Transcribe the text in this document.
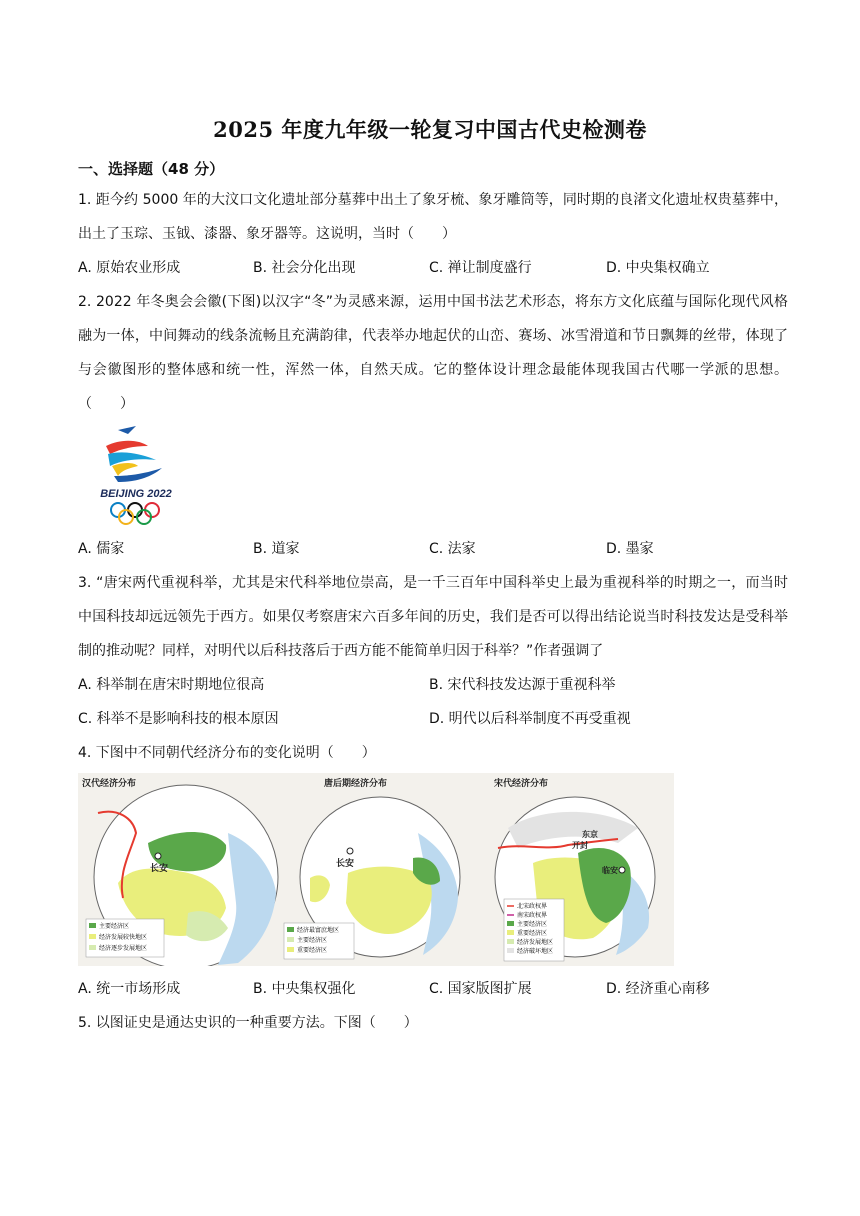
2025 年度九年级一轮复习中国古代史检测卷
一、选择题（48 分）
1. 距今约 5000 年的大汶口文化遗址部分墓葬中出土了象牙梳、象牙雕筒等，同时期的良渚文化遗址权贵墓葬中，出土了玉琮、玉钺、漆器、象牙器等。这说明，当时（　　）
A. 原始农业形成	B. 社会分化出现	C. 禅让制度盛行	D. 中央集权确立
2. 2022 年冬奥会会徽(下图)以汉字“冬”为灵感来源，运用中国书法艺术形态，将东方文化底蕴与国际化现代风格融为一体，中间舞动的线条流畅且充满韵律，代表举办地起伏的山峦、赛场、冰雪滑道和节日飘舞的丝带，体现了与会徽图形的整体感和统一性，浑然一体，自然天成。它的整体设计理念最能体现我国古代哪一学派的思想。（　　）
BEIJING 2022
A. 儒家	B. 道家	C. 法家	D. 墨家
3. “唐宋两代重视科举，尤其是宋代科举地位崇高，是一千三百年中国科举史上最为重视科举的时期之一，而当时中国科技却远远领先于西方。如果仅考察唐宋六百多年间的历史，我们是否可以得出结论说当时科技发达是受科举制的推动呢？同样，对明代以后科技落后于西方能不能简单归因于科举？”作者强调了
A. 科举制在唐宋时期地位很高	B. 宋代科技发达源于重视科举
C. 科举不是影响科技的根本原因	D. 明代以后科举制度不再受重视
4. 下图中不同朝代经济分布的变化说明（　　）
汉代经济分布
长安
主要经济区
经济发展较快地区
经济逐步发展地区
唐后期经济分布
长安
经济最富庶地区
主要经济区
重要经济区
宋代经济分布
东京
开封
临安
北宋政权界
南宋政权界
主要经济区
重要经济区
经济发展地区
经济破坏地区
A. 统一市场形成	B. 中央集权强化	C. 国家版图扩展	D. 经济重心南移
5. 以图证史是通达史识的一种重要方法。下图（　　）
